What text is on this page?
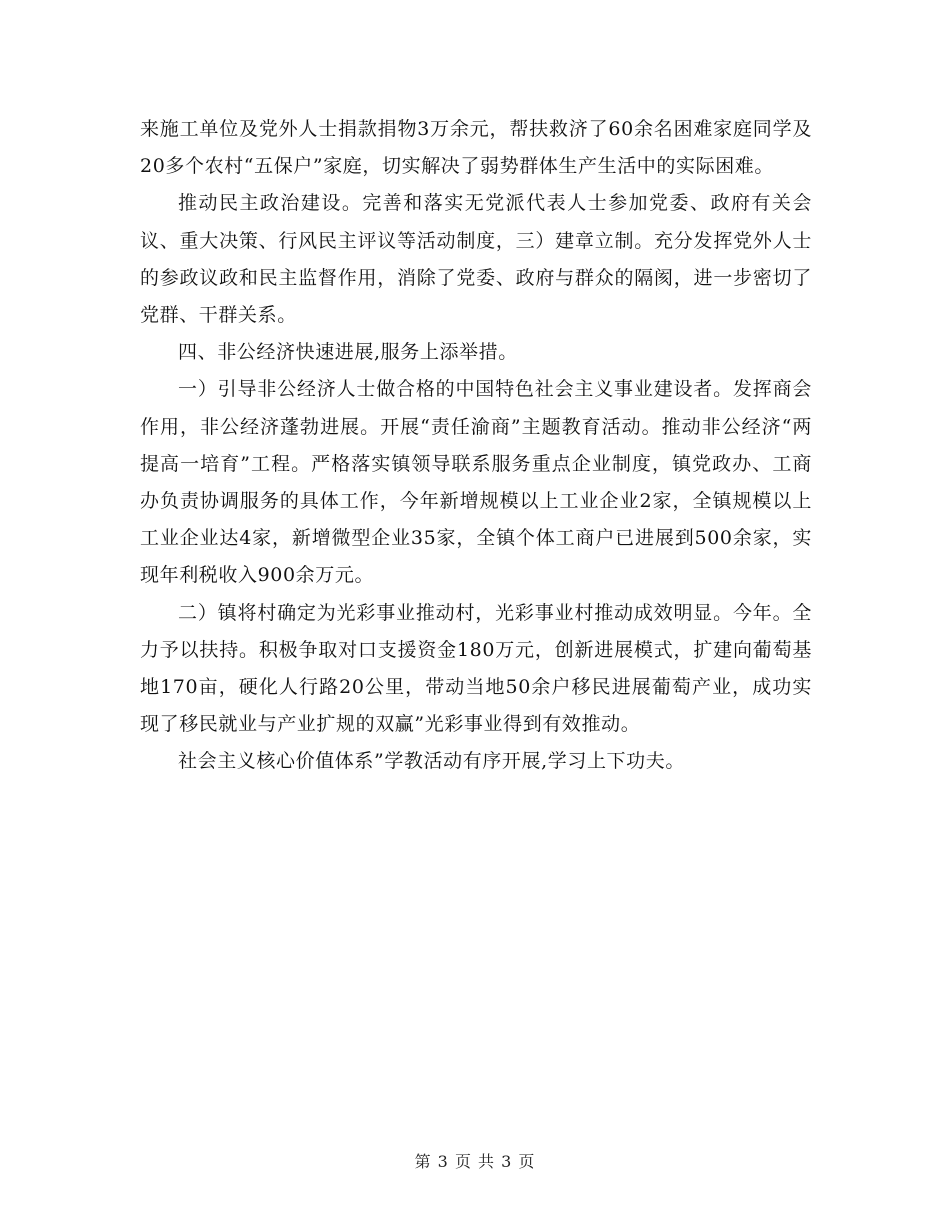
来施工单位及党外人士捐款捐物3万余元，帮扶救济了60余名困难家庭同学及20多个农村“五保户”家庭，切实解决了弱势群体生产生活中的实际困难。

推动民主政治建设。完善和落实无党派代表人士参加党委、政府有关会议、重大决策、行风民主评议等活动制度，三）建章立制。充分发挥党外人士的参政议政和民主监督作用，消除了党委、政府与群众的隔阂，进一步密切了党群、干群关系。

四、非公经济快速进展,服务上添举措。

一）引导非公经济人士做合格的中国特色社会主义事业建设者。发挥商会作用，非公经济蓬勃进展。开展“责任渝商”主题教育活动。推动非公经济“两提高一培育”工程。严格落实镇领导联系服务重点企业制度，镇党政办、工商办负责协调服务的具体工作，今年新增规模以上工业企业2家，全镇规模以上工业企业达4家，新增微型企业35家，全镇个体工商户已进展到500余家，实现年利税收入900余万元。

二）镇将村确定为光彩事业推动村，光彩事业村推动成效明显。今年。全力予以扶持。积极争取对口支援资金180万元，创新进展模式，扩建向葡萄基地170亩，硬化人行路20公里，带动当地50余户移民进展葡萄产业，成功实现了移民就业与产业扩规的双赢”光彩事业得到有效推动。

社会主义核心价值体系”学教活动有序开展,学习上下功夫。

第 3 页 共 3 页
